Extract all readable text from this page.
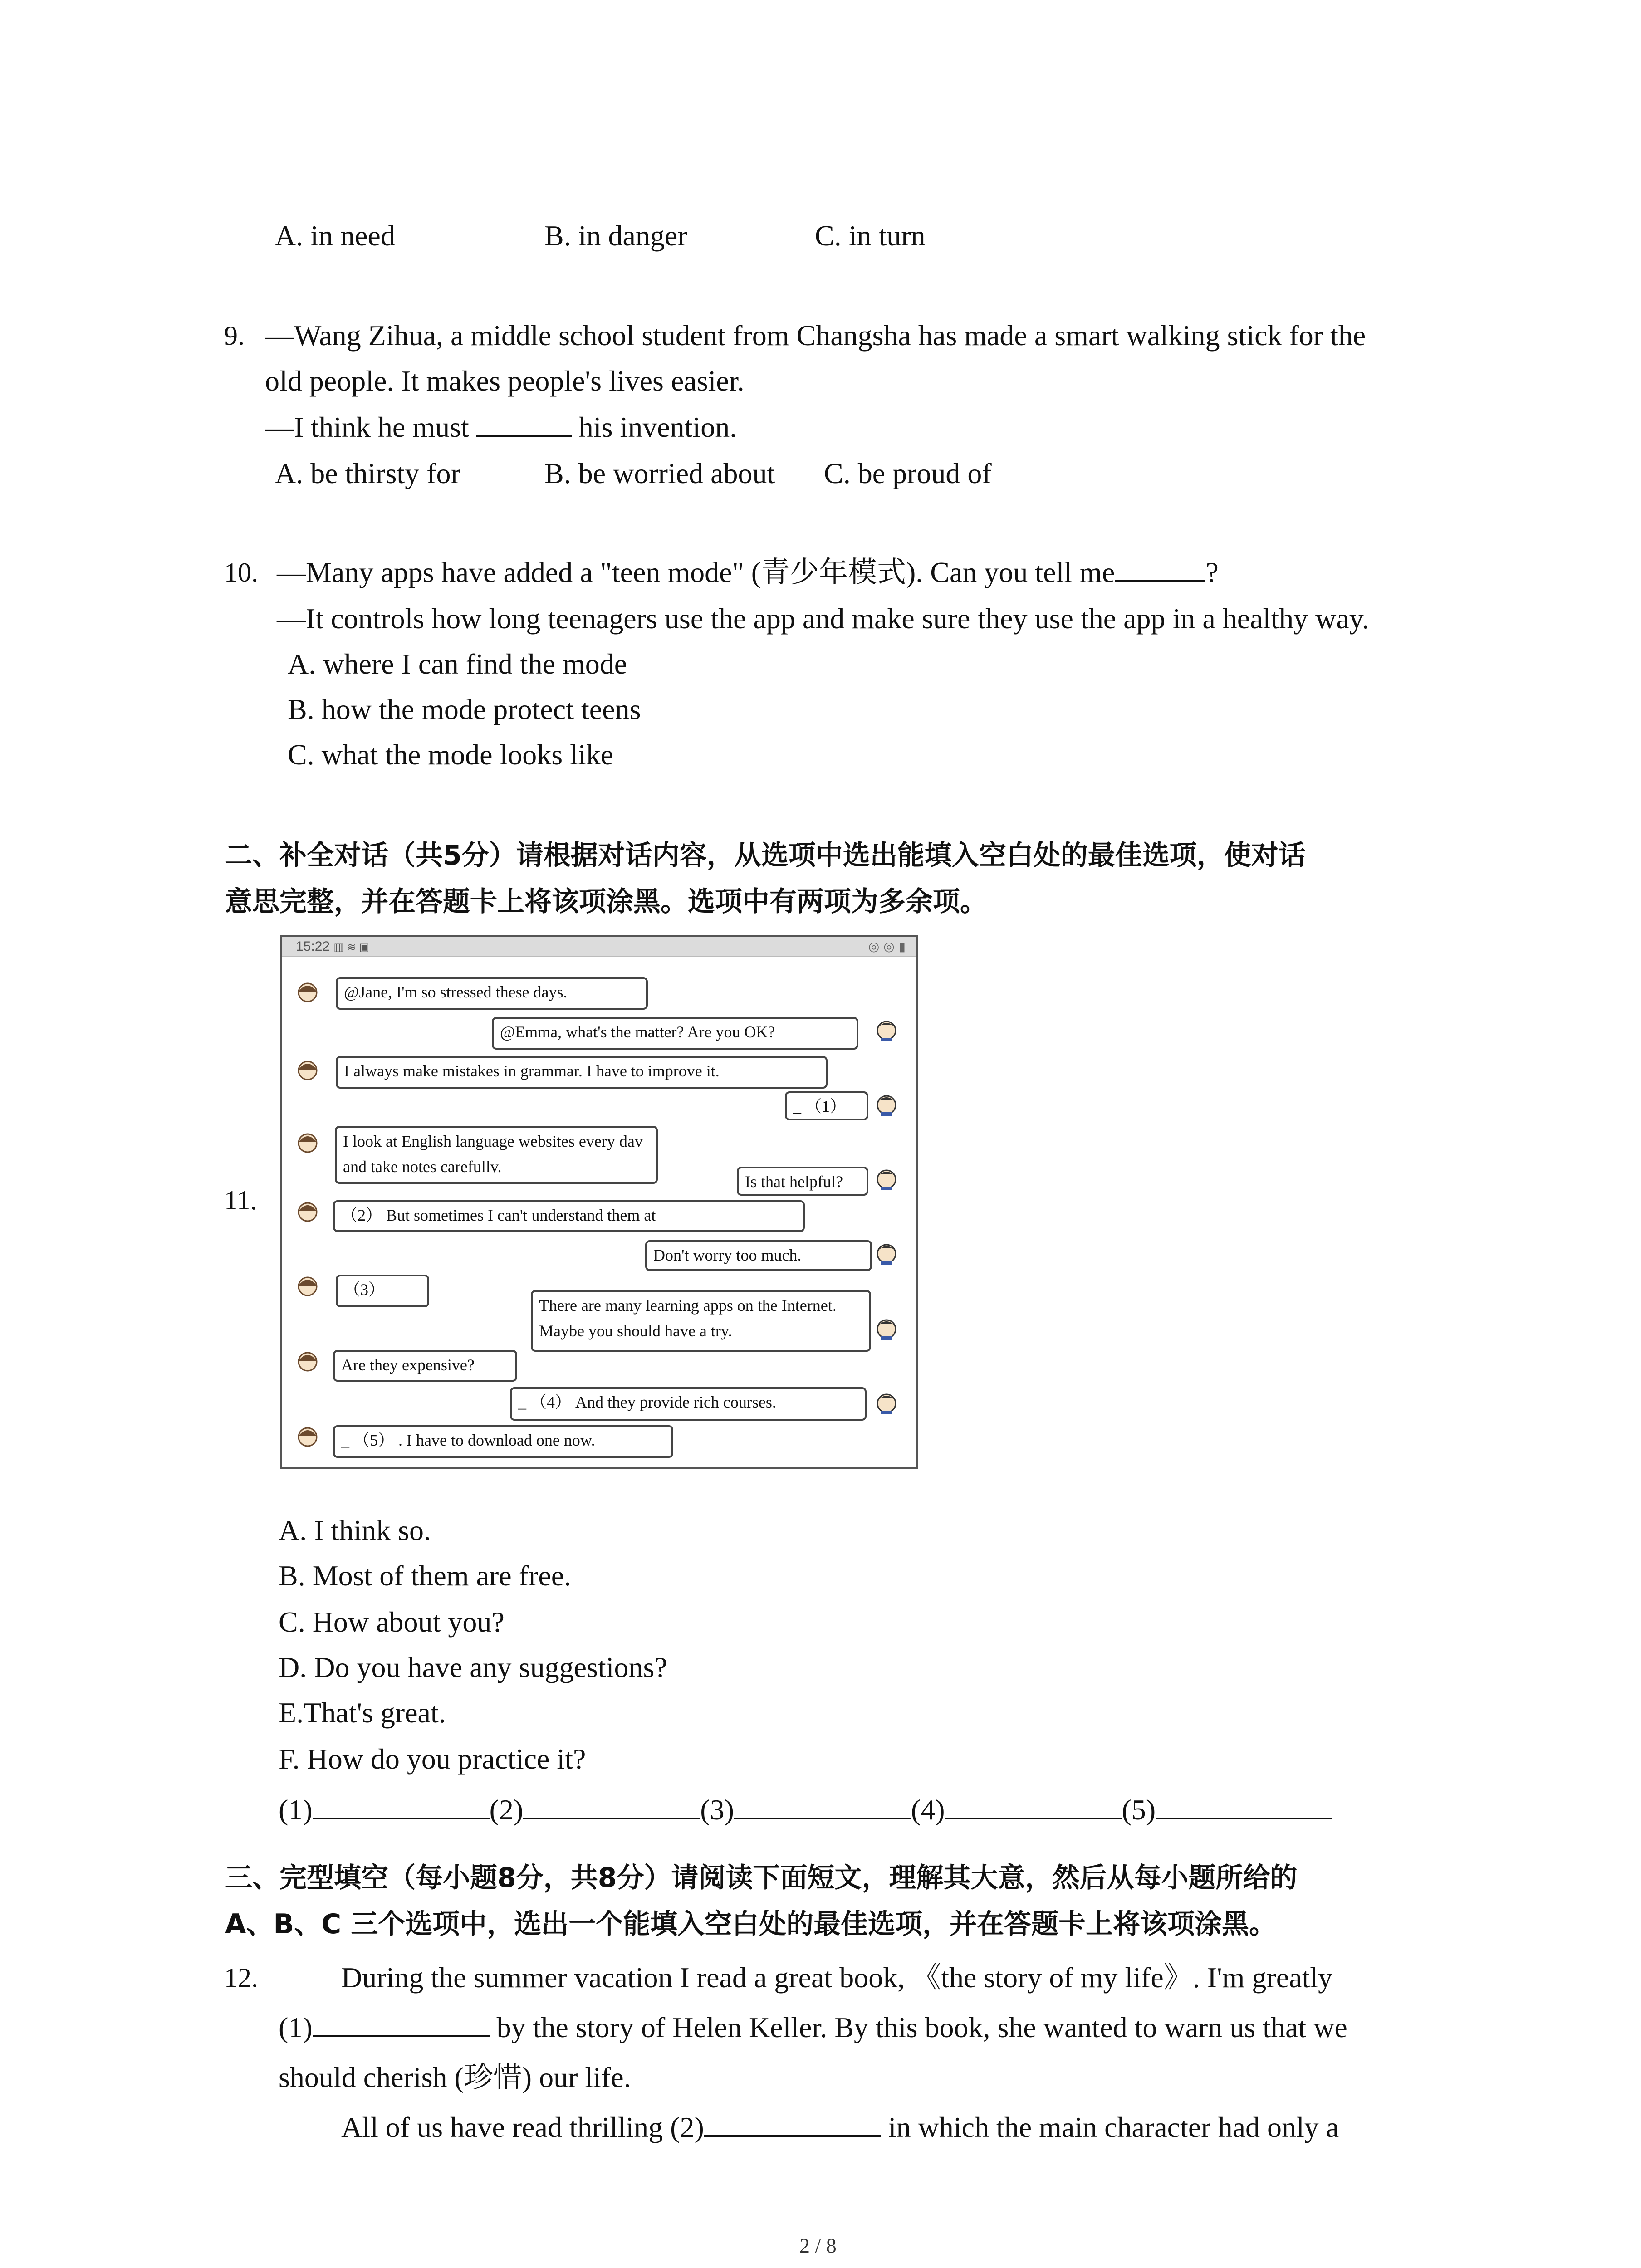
A. in need	B. in danger	C. in turn
9. —Wang Zihua, a middle school student from Changsha has made a smart walking stick for the
old people. It makes people's lives easier.
—I think he must	his invention.
A. be thirsty for	B. be worried about C. be proud of
10. —Many apps have added a "teen mode" (青少年模式). Can you tell me	?
—It controls how long teenagers use the app and make sure they use the app in a healthy way.
A. where I can find the mode
B. how the mode protect teens
C. what the mode looks like
二、补全对话（共5分）请根据对话内容，从选项中选出能填入空白处的最佳选项，使对话
意思完整，并在答题卡上将该项涂黑。选项中有两项为多余项。
11.
15:22 ▥ ≋ ▣	◎ ◎ ▮
@Jane, I'm so stressed these days.
@Emma, what's the matter? Are you OK?
I always make mistakes in grammar. I have to improve it.
_ （1）
I look at English language websites every dav and take notes carefullv.
Is that helpful?
（2） But sometimes I can't understand them at
Don't worry too much.
（3）
There are many learning apps on the Internet. Maybe you should have a try.
Are they expensive?
_ （4） And they provide rich courses.
_ （5） . I have to download one now.
A. I think so.
B. Most of them are free.
C. How about you?
D. Do you have any suggestions?
E.That's great.
F. How do you practice it?
(1)	(2)	(3)	(4)	(5)
三、完型填空（每小题8分，共8分）请阅读下面短文，理解其大意，然后从每小题所给的
A、B、C 三个选项中，选出一个能填入空白处的最佳选项，并在答题卡上将该项涂黑。
12.	During the summer vacation I read a great book, 《the story of my life》. I'm greatly
(1)	by the story of Helen Keller. By this book, she wanted to warn us that we
should cherish (珍惜) our life.
All of us have read thrilling (2)	in which the main character had only a
2 / 8
